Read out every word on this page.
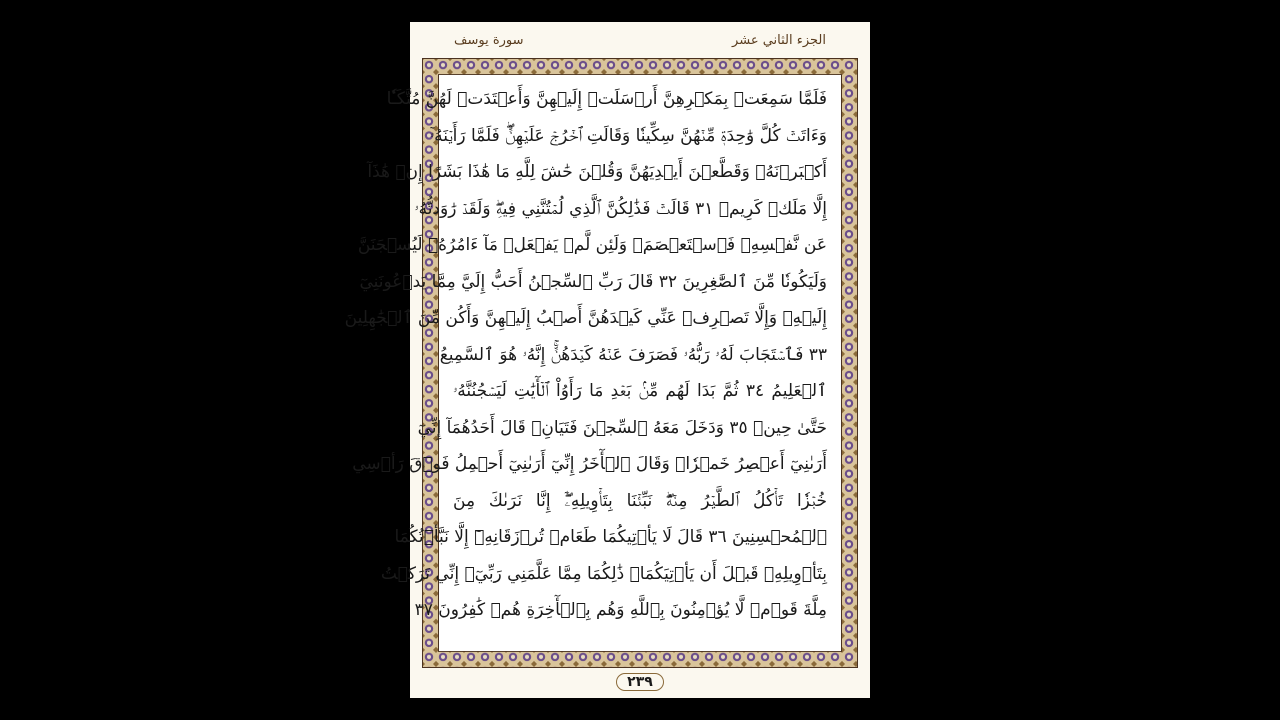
الجزء الثاني عشر
سورة يوسف
فَلَمَّا سَمِعَتۡ بِمَكۡرِهِنَّ أَرۡسَلَتۡ إِلَيۡهِنَّ وَأَعۡتَدَتۡ لَهُنَّ مُتَّكَـٔٗا
وَءَاتَتۡ كُلَّ وَٰحِدَةٖ مِّنۡهُنَّ سِكِّينٗا وَقَالَتِ ٱخۡرُجۡ عَلَيۡهِنَّۖ فَلَمَّا رَأَيۡنَهُۥٓ
أَكۡبَرۡنَهُۥ وَقَطَّعۡنَ أَيۡدِيَهُنَّ وَقُلۡنَ حَٰشَ لِلَّهِ مَا هَٰذَا بَشَرًا إِنۡ هَٰذَآ
إِلَّا مَلَكٞ كَرِيمٞ ٣١ قَالَتۡ فَذَٰلِكُنَّ ٱلَّذِي لُمۡتُنَّنِي فِيهِۖ وَلَقَدۡ رَٰوَدتُّهُۥ
عَن نَّفۡسِهِۦ فَٱسۡتَعۡصَمَۖ وَلَئِن لَّمۡ يَفۡعَلۡ مَآ ءَامُرُهُۥ لَيُسۡجَنَنَّ
وَلَيَكُونٗا مِّنَ ٱلصَّٰغِرِينَ ٣٢ قَالَ رَبِّ ٱلسِّجۡنُ أَحَبُّ إِلَيَّ مِمَّا يَدۡعُونَنِيٓ
إِلَيۡهِۖ وَإِلَّا تَصۡرِفۡ عَنِّي كَيۡدَهُنَّ أَصۡبُ إِلَيۡهِنَّ وَأَكُن مِّنَ ٱلۡجَٰهِلِينَ
٣٣ فَٱسۡتَجَابَ لَهُۥ رَبُّهُۥ فَصَرَفَ عَنۡهُ كَيۡدَهُنَّۚ إِنَّهُۥ هُوَ ٱلسَّمِيعُ
ٱلۡعَلِيمُ ٣٤ ثُمَّ بَدَا لَهُم مِّنۢ بَعۡدِ مَا رَأَوُاْ ٱلۡأٓيَٰتِ لَيَسۡجُنُنَّهُۥ
حَتَّىٰ حِينٖ ٣٥ وَدَخَلَ مَعَهُ ٱلسِّجۡنَ فَتَيَانِۖ قَالَ أَحَدُهُمَآ إِنِّيٓ
أَرَىٰنِيٓ أَعۡصِرُ خَمۡرٗاۖ وَقَالَ ٱلۡأٓخَرُ إِنِّيٓ أَرَىٰنِيٓ أَحۡمِلُ فَوۡقَ رَأۡسِي
خُبۡزٗا تَأۡكُلُ ٱلطَّيۡرُ مِنۡهُۖ نَبِّئۡنَا بِتَأۡوِيلِهِۦٓۖ إِنَّا نَرَىٰكَ مِنَ
ٱلۡمُحۡسِنِينَ ٣٦ قَالَ لَا يَأۡتِيكُمَا طَعَامٞ تُرۡزَقَانِهِۦٓ إِلَّا نَبَّأۡتُكُمَا
بِتَأۡوِيلِهِۦ قَبۡلَ أَن يَأۡتِيَكُمَاۚ ذَٰلِكُمَا مِمَّا عَلَّمَنِي رَبِّيٓۚ إِنِّي تَرَكۡتُ
مِلَّةَ قَوۡمٖ لَّا يُؤۡمِنُونَ بِٱللَّهِ وَهُم بِٱلۡأٓخِرَةِ هُمۡ كَٰفِرُونَ ٣٧
٢٣٩
